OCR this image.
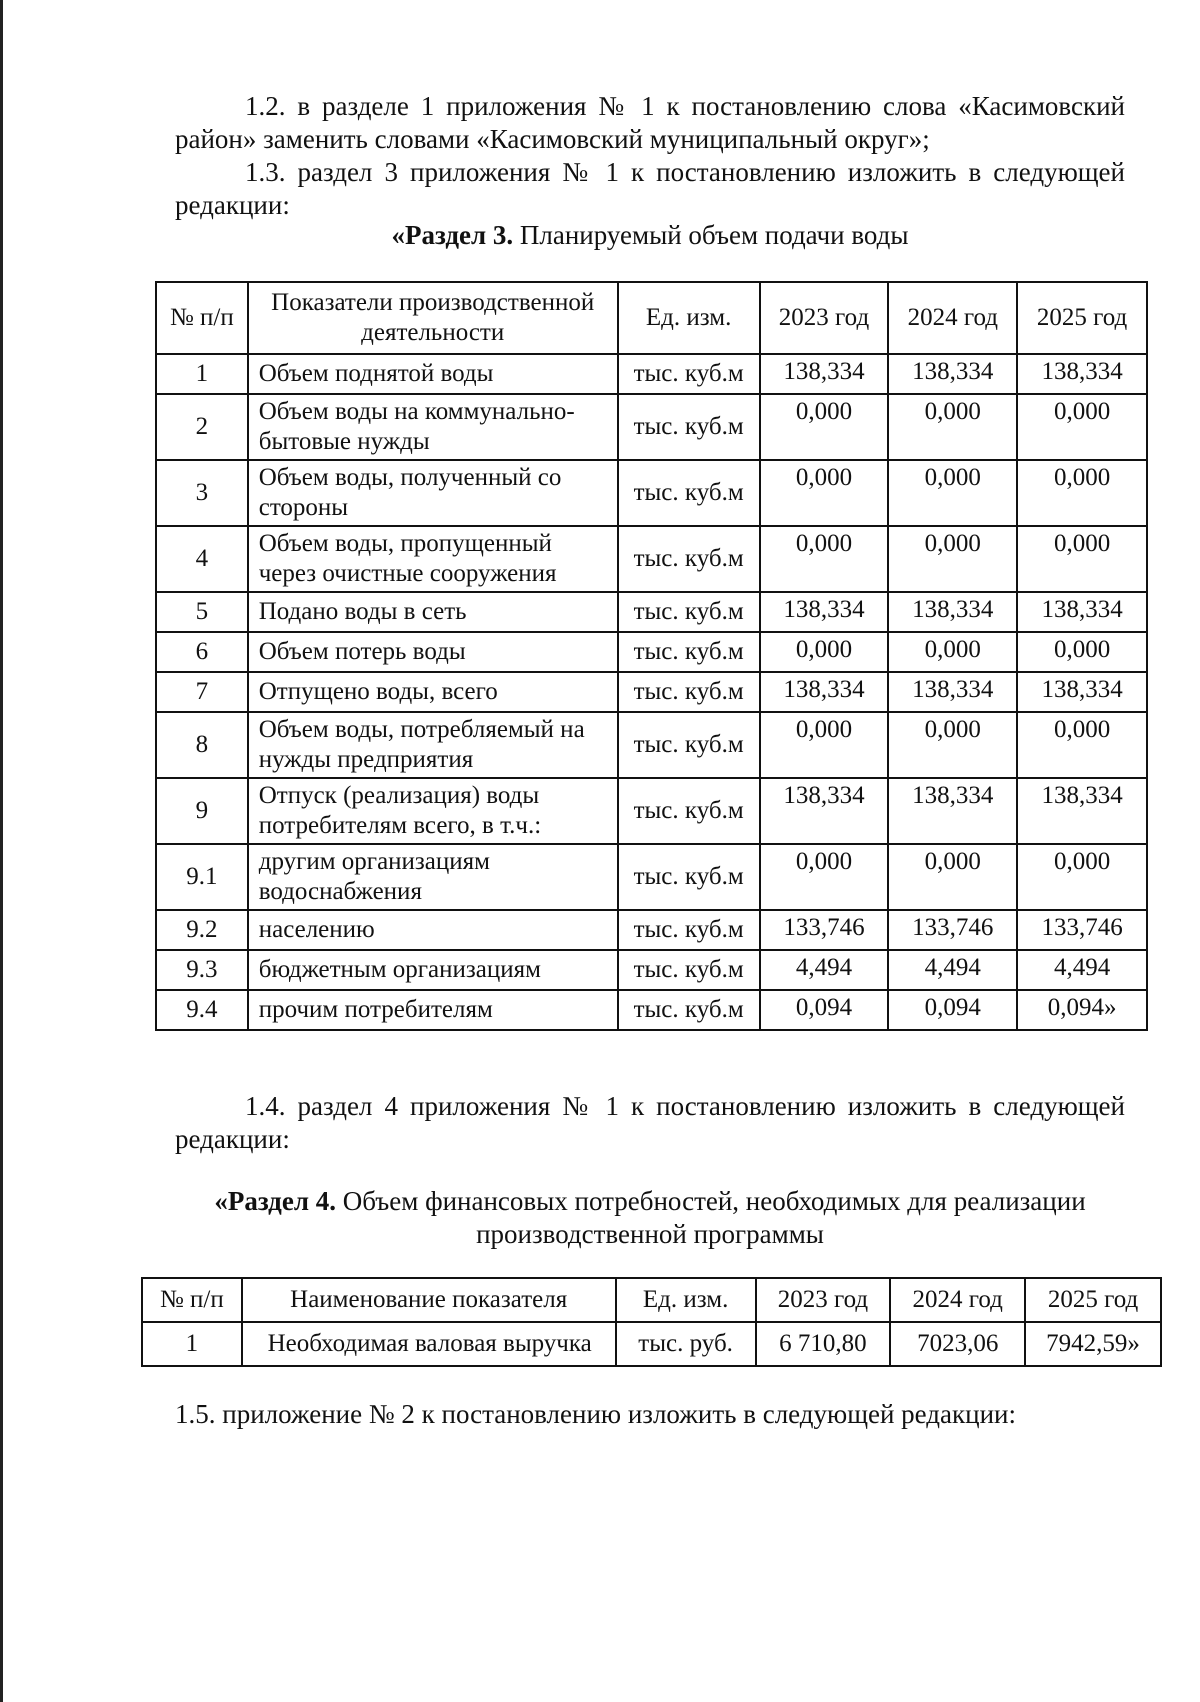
1.2. в разделе 1 приложения № 1 к постановлению слова «Касимовский район» заменить словами «Касимовский муниципальный округ»;
1.3. раздел 3 приложения № 1 к постановлению изложить в следующей редакции:
«Раздел 3. Планируемый объем подачи воды
№ п/п	Показатели производственной деятельности	Ед. изм.	2023 год	2024 год	2025 год
1	Объем поднятой воды	тыс. куб.м	138,334	138,334	138,334
2	Объем воды на коммунально-бытовые нужды	тыс. куб.м	0,000	0,000	0,000
3	Объем воды, полученный со стороны	тыс. куб.м	0,000	0,000	0,000
4	Объем воды, пропущенный через очистные сооружения	тыс. куб.м	0,000	0,000	0,000
5	Подано воды в сеть	тыс. куб.м	138,334	138,334	138,334
6	Объем потерь воды	тыс. куб.м	0,000	0,000	0,000
7	Отпущено воды, всего	тыс. куб.м	138,334	138,334	138,334
8	Объем воды, потребляемый на нужды предприятия	тыс. куб.м	0,000	0,000	0,000
9	Отпуск (реализация) воды потребителям всего, в т.ч.:	тыс. куб.м	138,334	138,334	138,334
9.1	другим организациям водоснабжения	тыс. куб.м	0,000	0,000	0,000
9.2	населению	тыс. куб.м	133,746	133,746	133,746
9.3	бюджетным организациям	тыс. куб.м	4,494	4,494	4,494
9.4	прочим потребителям	тыс. куб.м	0,094	0,094	0,094»
1.4. раздел 4 приложения № 1 к постановлению изложить в следующей редакции:
«Раздел 4. Объем финансовых потребностей, необходимых для реализации производственной программы
№ п/п	Наименование показателя	Ед. изм.	2023 год	2024 год	2025 год
1	Необходимая валовая выручка	тыс. руб.	6 710,80	7023,06	7942,59»
1.5. приложение № 2 к постановлению изложить в следующей редакции:
